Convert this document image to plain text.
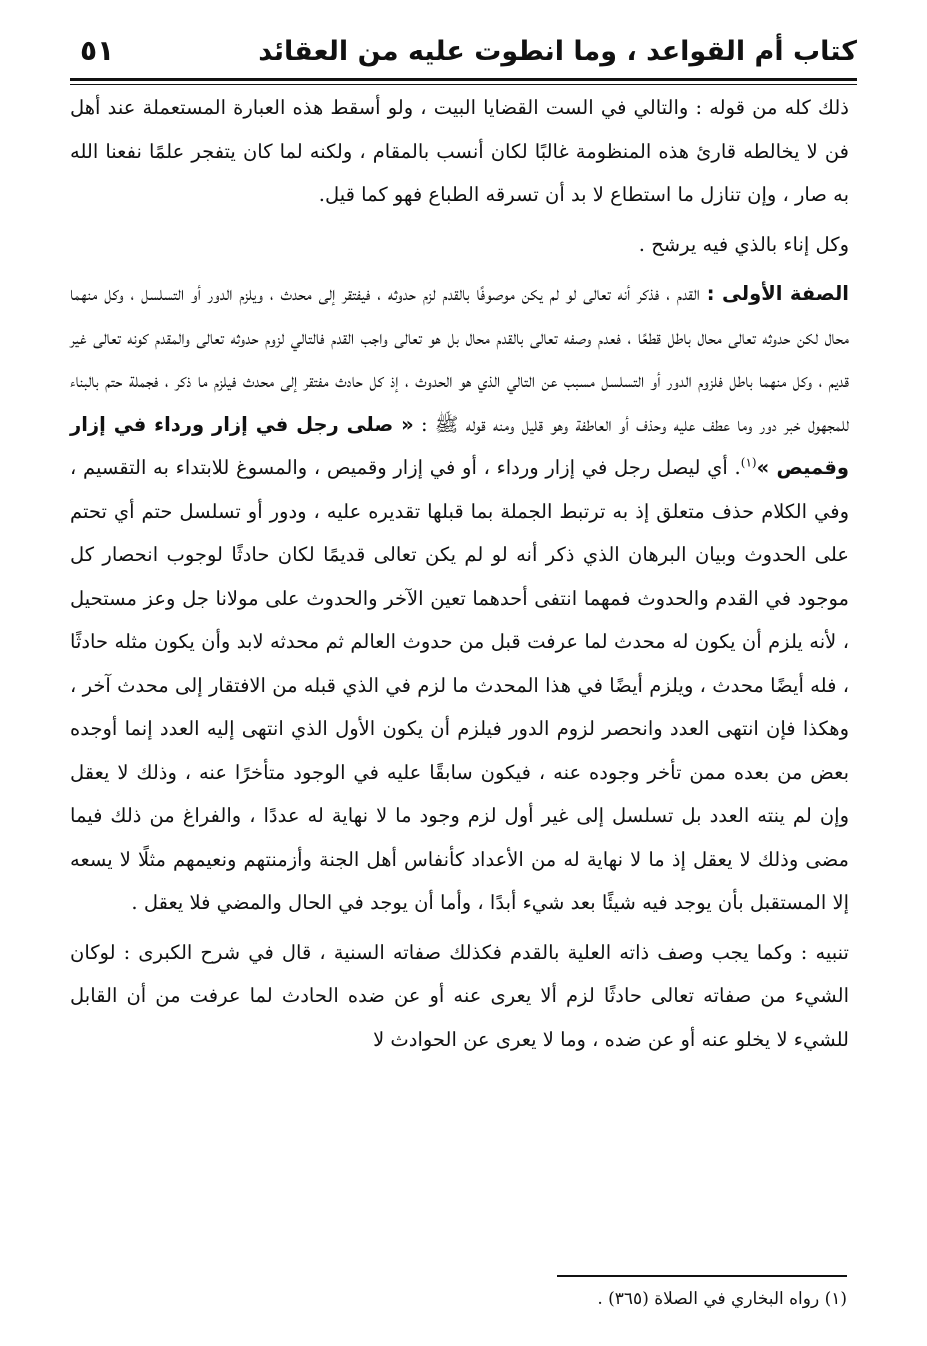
كتاب أم القواعد ، وما انطوت عليه من العقائد
٥١

ذلك كله من قوله : والتالي في الست القضايا البيت ، ولو أسقط هذه العبارة المستعملة عند أهل فن لا يخالطه قارئ هذه المنظومة غالبًا لكان أنسب بالمقام ، ولكنه لما كان يتفجر علمًا نفعنا الله به صار ، وإن تنازل ما استطاع لا بد أن تسرقه الطباع فهو كما قيل.

وكل إناء بالذي فيه يرشح .

الصفة الأولى : القدم ، فذكر أنه تعالى لو لم يكن موصوفًا بالقدم لزم حدوثه ، فيفتقر إلى محدث ، ويلزم الدور أو التسلسل ، وكل منهما محال لكن حدوثه تعالى محال باطل قطعًا ، فعدم وصفه تعالى بالقدم محال بل هو تعالى واجب القدم فالتالي لزوم حدوثه تعالى والمقدم كونه تعالى غير قديم ، وكل منهما باطل فلزوم الدور أو التسلسل مسبب عن التالي الذي هو الحدوث ، إذ كل حادث مفتقر إلى محدث فيلزم ما ذكر ، فجملة حتم بالبناء للمجهول خبر دور وما عطف عليه وحذف أو العاطفة وهو قليل ومنه قوله ﷺ : « صلى رجل في إزار ورداء في إزار وقميص »$^{(١)}$. أي ليصل رجل في إزار ورداء ، أو في إزار وقميص ، والمسوغ للابتداء به التقسيم ، وفي الكلام حذف متعلق إذ به ترتبط الجملة بما قبلها تقديره عليه ، ودور أو تسلسل حتم أي تحتم على الحدوث وبيان البرهان الذي ذكر أنه لو لم يكن تعالى قديمًا لكان حادثًا لوجوب انحصار كل موجود في القدم والحدوث فمهما انتفى أحدهما تعين الآخر والحدوث على مولانا جل وعز مستحيل ، لأنه يلزم أن يكون له محدث لما عرفت قبل من حدوث العالم ثم محدثه لابد وأن يكون مثله حادثًا ، فله أيضًا محدث ، ويلزم أيضًا في هذا المحدث ما لزم في الذي قبله من الافتقار إلى محدث آخر ، وهكذا فإن انتهى العدد وانحصر لزوم الدور فيلزم أن يكون الأول الذي انتهى إليه العدد إنما أوجده بعض من بعده ممن تأخر وجوده عنه ، فيكون سابقًا عليه في الوجود متأخرًا عنه ، وذلك لا يعقل وإن لم ينته العدد بل تسلسل إلى غير أول لزم وجود ما لا نهاية له عددًا ، والفراغ من ذلك فيما مضى وذلك لا يعقل إذ ما لا نهاية له من الأعداد كأنفاس أهل الجنة وأزمنتهم ونعيمهم مثلًا لا يسعه إلا المستقبل بأن يوجد فيه شيئًا بعد شيء أبدًا ، وأما أن يوجد في الحال والمضي فلا يعقل .

تنبيه : وكما يجب وصف ذاته العلية بالقدم فكذلك صفاته السنية ، قال في شرح الكبرى : لوكان الشيء من صفاته تعالى حادثًا لزم ألا يعرى عنه أو عن ضده الحادث لما عرفت من أن القابل للشيء لا يخلو عنه أو عن ضده ، وما لا يعرى عن الحوادث لا

(١) رواه البخاري في الصلاة (٣٦٥) .
